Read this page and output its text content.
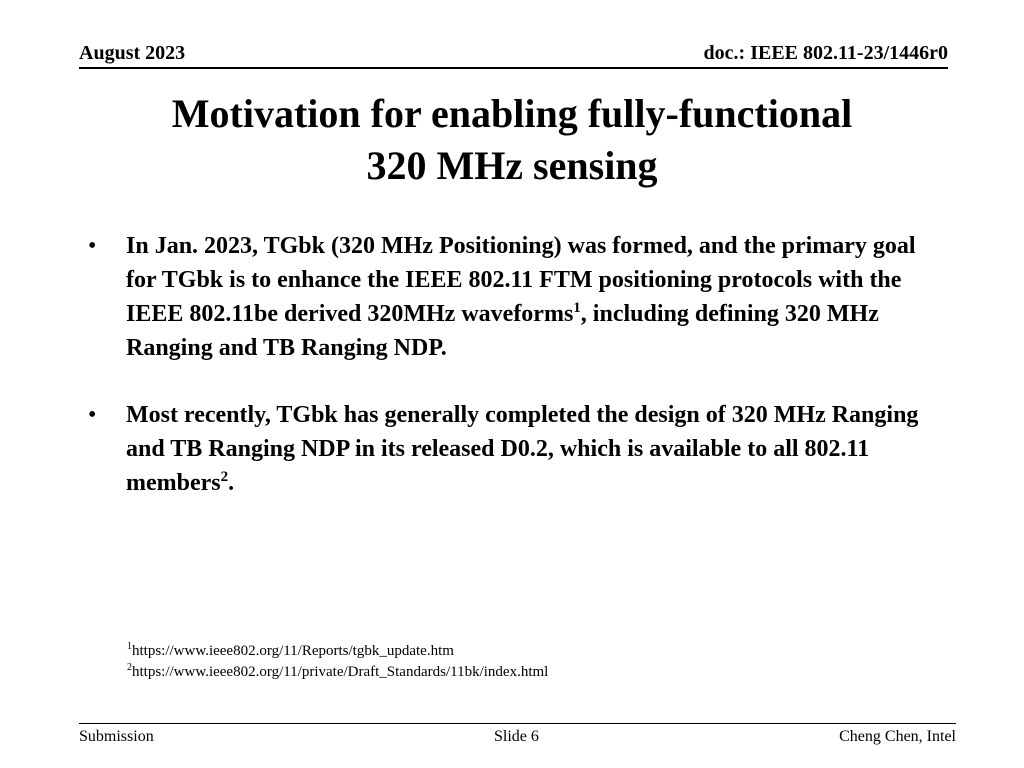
August 2023	doc.: IEEE 802.11-23/1446r0
Motivation for enabling fully-functional
320 MHz sensing
• In Jan. 2023, TGbk (320 MHz Positioning) was formed, and the primary goal for TGbk is to enhance the IEEE 802.11 FTM positioning protocols with the IEEE 802.11be derived 320MHz waveforms$^1$, including defining 320 MHz Ranging and TB Ranging NDP.
• Most recently, TGbk has generally completed the design of 320 MHz Ranging and TB Ranging NDP in its released D0.2, which is available to all 802.11 members$^2$.
$^1$https://www.ieee802.org/11/Reports/tgbk_update.htm
$^2$https://www.ieee802.org/11/private/Draft_Standards/11bk/index.html
Submission	Slide 6	Cheng Chen, Intel
